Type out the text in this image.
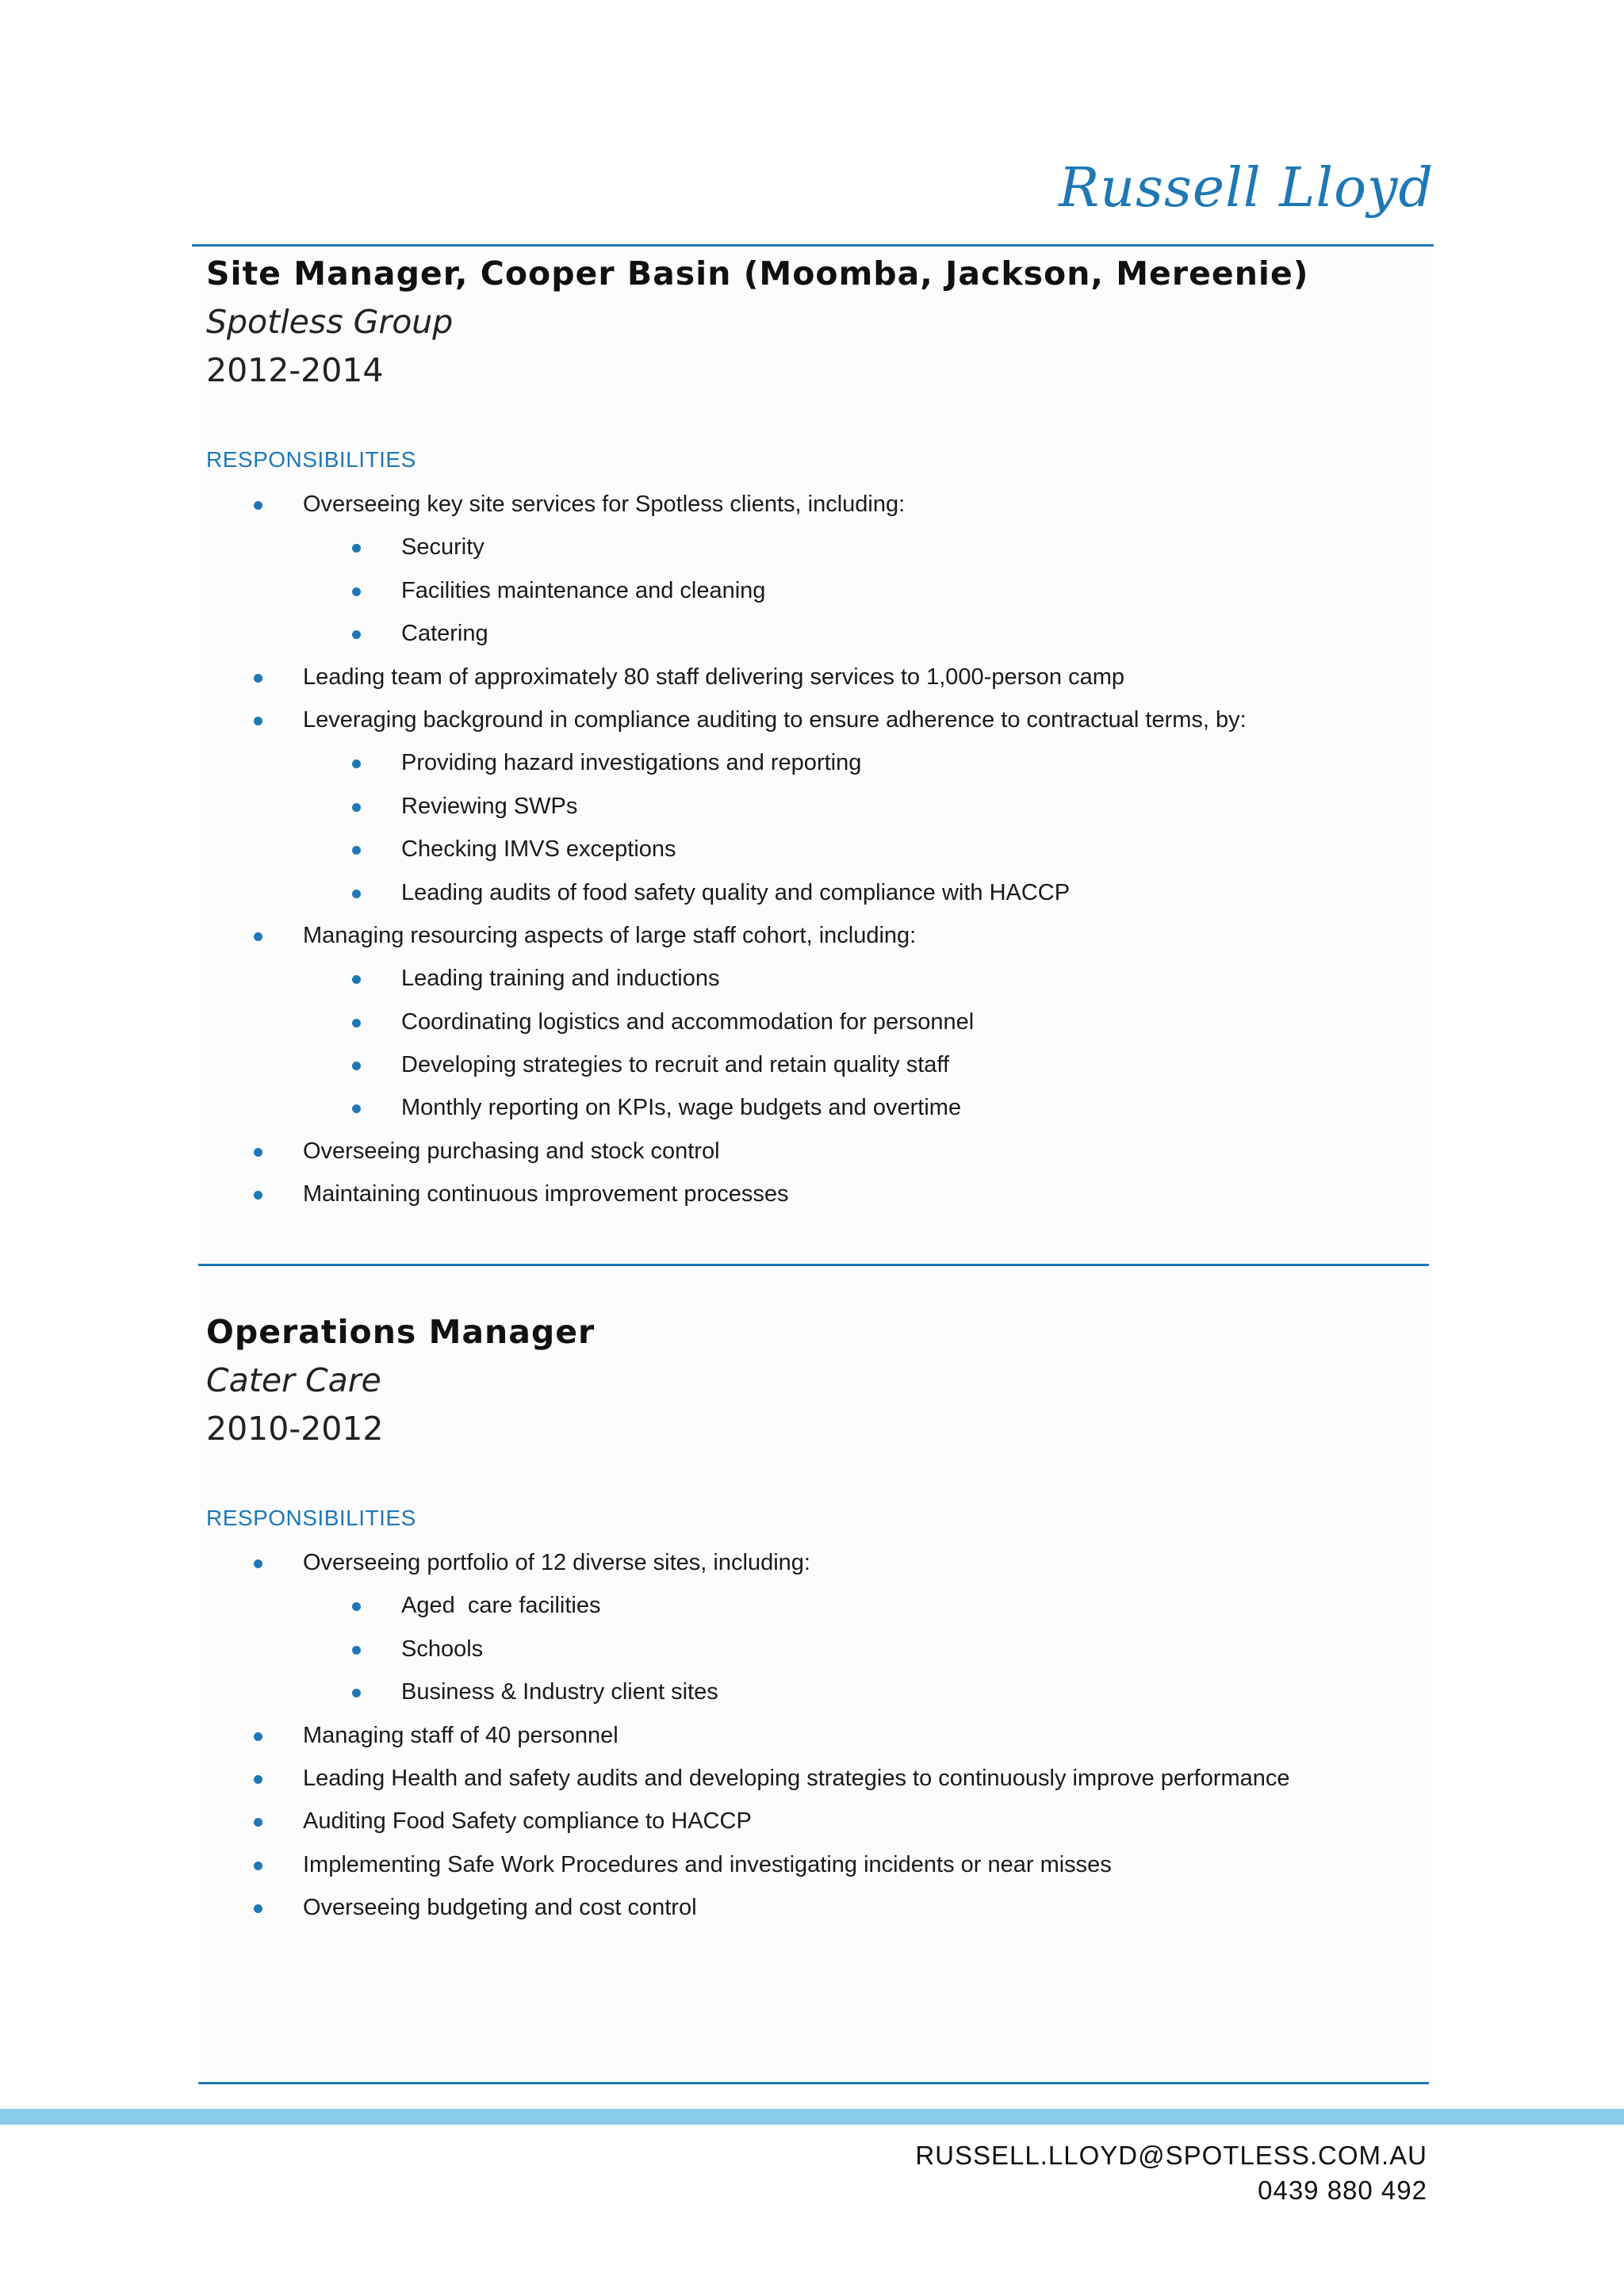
Russell Lloyd
Site Manager, Cooper Basin (Moomba, Jackson, Mereenie)
Spotless Group
2012-2014
RESPONSIBILITIES
Overseeing key site services for Spotless clients, including:
Security
Facilities maintenance and cleaning
Catering
Leading team of approximately 80 staff delivering services to 1,000-person camp
Leveraging background in compliance auditing to ensure adherence to contractual terms, by:
Providing hazard investigations and reporting
Reviewing SWPs
Checking IMVS exceptions
Leading audits of food safety quality and compliance with HACCP
Managing resourcing aspects of large staff cohort, including:
Leading training and inductions
Coordinating logistics and accommodation for personnel
Developing strategies to recruit and retain quality staff
Monthly reporting on KPIs, wage budgets and overtime
Overseeing purchasing and stock control
Maintaining continuous improvement processes
Operations Manager
Cater Care
2010-2012
RESPONSIBILITIES
Overseeing portfolio of 12 diverse sites, including:
Aged  care facilities
Schools
Business & Industry client sites
Managing staff of 40 personnel
Leading Health and safety audits and developing strategies to continuously improve performance
Auditing Food Safety compliance to HACCP
Implementing Safe Work Procedures and investigating incidents or near misses
Overseeing budgeting and cost control
RUSSELL.LLOYD@SPOTLESS.COM.AU
0439 880 492
